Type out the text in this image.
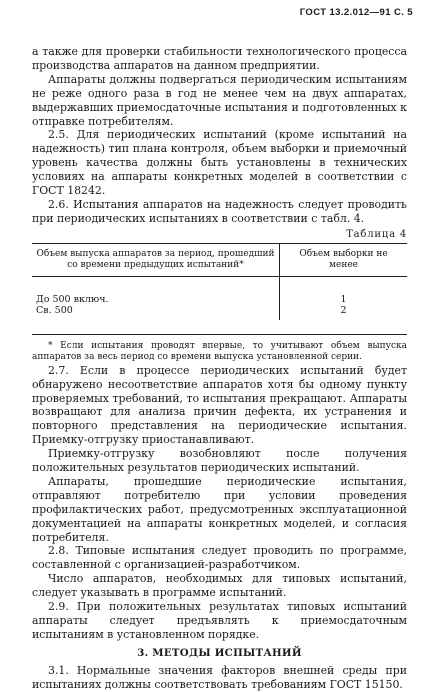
ГОСТ 13.2.012—91 С. 5

а также для проверки стабильности технологического процесса производства аппаратов на данном предприятии.

Аппараты должны подвергаться периодическим испытаниям не реже одного раза в год не менее чем на двух аппаратах, выдержавших приемосдаточные испытания и подготовленных к отправке потребителям.

2.5. Для периодических испытаний (кроме испытаний на надежность) тип плана контроля, объем выборки и приемочный уровень качества должны быть установлены в технических условиях на аппараты конкретных моделей в соответствии с ГОСТ 18242.

2.6. Испытания аппаратов на надежность следует проводить при периодических испытаниях в соответствии с табл. 4.

Таблица 4
Объем выпуска аппаратов за период, прошедший со времени предыдущих испытаний*	Объем выборки не менее
До 500 включ.	1
Св. 500	2

* Если испытания проводят впервые, то учитывают объем выпуска аппаратов за весь период со времени выпуска установленной серии.

2.7. Если в процессе периодических испытаний будет обнаружено несоответствие аппаратов хотя бы одному пункту проверяемых требований, то испытания прекращают. Аппараты возвращают для анализа причин дефекта, их устранения и повторного представления на периодические испытания. Приемку-отгрузку приостанавливают.

Приемку-отгрузку возобновляют после получения положительных результатов периодических испытаний.

Аппараты, прошедшие периодические испытания, отправляют потребителю при условии проведения профилактических работ, предусмотренных эксплуатационной документацией на аппараты конкретных моделей, и согласия потребителя.

2.8. Типовые испытания следует проводить по программе, составленной с организацией-разработчиком.

Число аппаратов, необходимых для типовых испытаний, следует указывать в программе испытаний.

2.9. При положительных результатах типовых испытаний аппараты следует предъявлять к приемосдаточным испытаниям в установленном порядке.

3. МЕТОДЫ ИСПЫТАНИЙ

3.1. Нормальные значения факторов внешней среды при испытаниях должны соответствовать требованиям ГОСТ 15150.
